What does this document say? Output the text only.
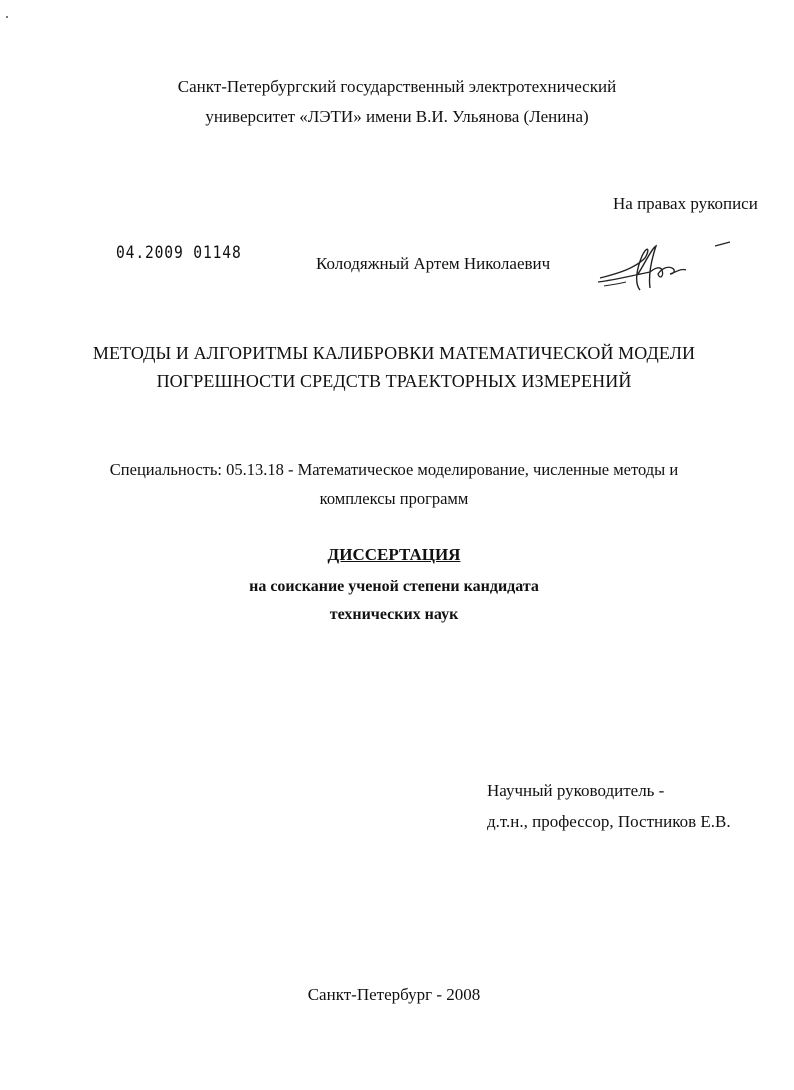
Санкт-Петербургский государственный электротехнический
университет «ЛЭТИ» имени В.И. Ульянова (Ленина)
На правах рукописи
04.2009 01148
Колодяжный Артем Николаевич
МЕТОДЫ И АЛГОРИТМЫ КАЛИБРОВКИ МАТЕМАТИЧЕСКОЙ МОДЕЛИ
ПОГРЕШНОСТИ СРЕДСТВ ТРАЕКТОРНЫХ ИЗМЕРЕНИЙ
Специальность: 05.13.18 - Математическое моделирование, численные методы и
комплексы программ
ДИССЕРТАЦИЯ
на соискание ученой степени кандидата
технических наук
Научный руководитель -
д.т.н., профессор, Постников Е.В.
Санкт-Петербург - 2008
